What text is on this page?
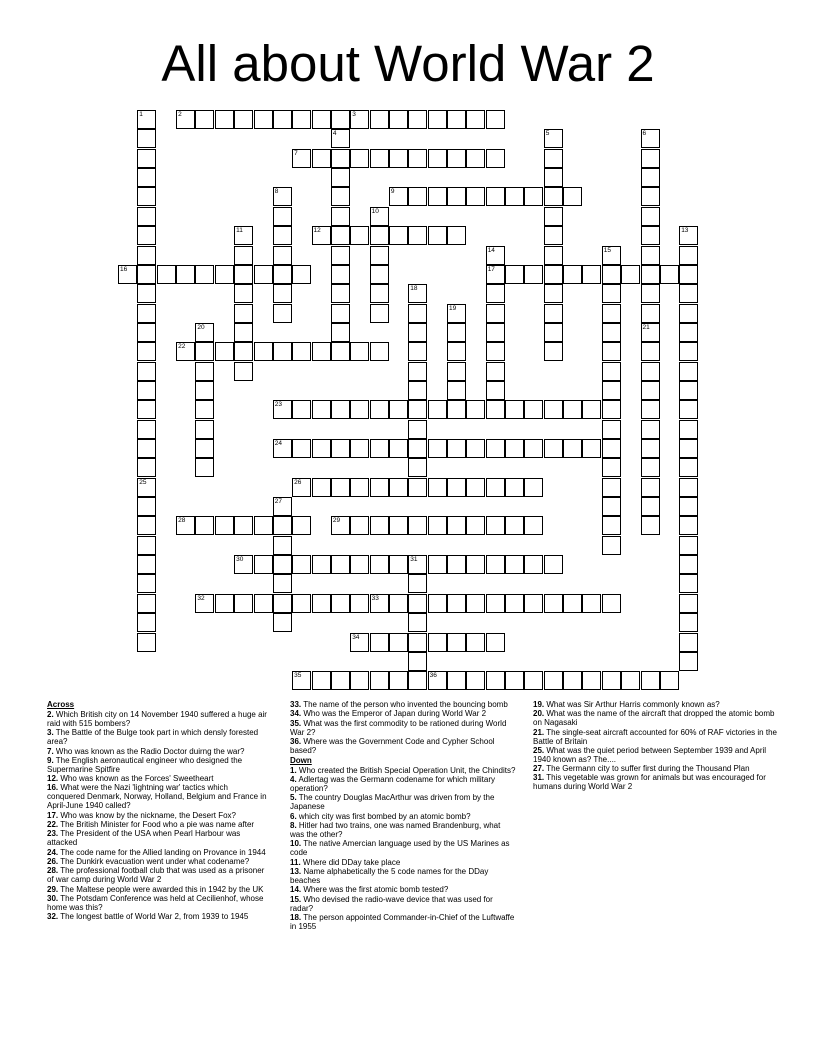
All about World War 2
2	3
7
9
12
16	17
22
23
24
26
28	29
30
32	33
34
35	36
1
4	5	6
8
10
11	13
14	15
18
19
20	21
25
27
31
Across
2. Which British city on 14 November 1940 suffered a huge air raid with 515 bombers?
3. The Battle of the Bulge took part in which densly forested area?
7. Who was known as the Radio Doctor duirng the war?
9. The English aeronautical engineer who designed the Supermarine Spitfire
12. Who was known as the Forces' Sweetheart
16. What were the Nazi 'lightning war' tactics which conquered Denmark, Norway, Holland, Belgium and France in April-June 1940 called?
17. Who was know by the nickname, the Desert Fox?
22. The British Minister for Food who a pie was name after
23. The President of the USA when Pearl Harbour was attacked
24. The code name for the Allied landing on Provance in 1944
26. The Dunkirk evacuation went under what codename?
28. The professional football club that was used as a prisoner of war camp during World War 2
29. The Maltese people were awarded this in 1942 by the UK
30. The Potsdam Conference was held at Cecilienhof, whose home was this?
32. The longest battle of World War 2, from 1939 to 1945
33. The name of the person who invented the bouncing bomb
34. Who was the Emperor of Japan during World War 2
35. What was the first commodity to be rationed during World War 2?
36. Where was the Government Code and Cypher School based?
Down
1. Who created the British Special Operation Unit, the Chindits?
4. Adlertag was the Germann codename for which military operation?
5. The country Douglas MacArthur was driven from by the Japanese
6. which city was first bombed by an atomic bomb?
8. Hitler had two trains, one was named Brandenburg, what was the other?
10. The native Amercian language used by the US Marines as code
11. Where did DDay take place
13. Name alphabetically the 5 code names for the DDay beaches
14. Where was the first atomic bomb tested?
15. Who devised the radio-wave device that was used for radar?
18. The person appointed Commander-in-Chief of the Luftwaffe in 1955
19. What was Sir Arthur Harris commonly known as?
20. What was the name of the aircraft that dropped the atomic bomb on Nagasaki
21. The single-seat aircraft accounted for 60% of RAF victories in the Battle of Britain
25. What was the quiet period between September 1939 and April 1940 known as? The....
27. The Germann city to suffer first during the Thousand Plan
31. This vegetable was grown for animals but was encouraged for humans during World War 2
